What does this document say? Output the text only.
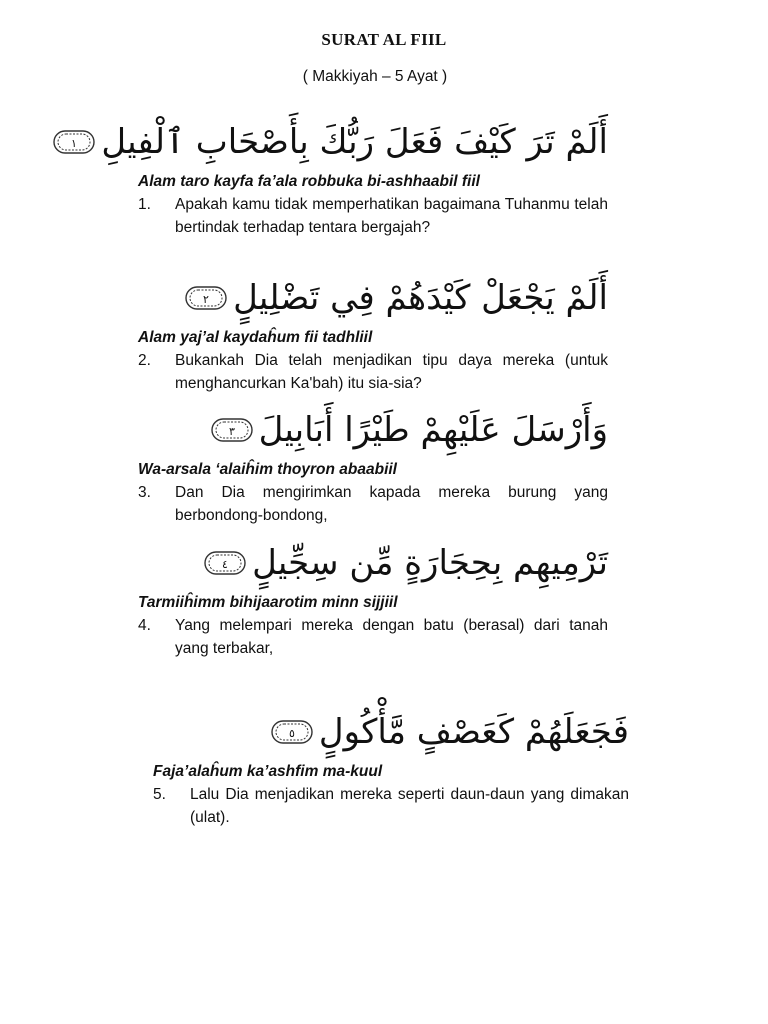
SURAT AL FIIL
( Makkiyah – 5 Ayat )
أَلَمْ تَرَ كَيْفَ فَعَلَ رَبُّكَ بِأَصْحَابِ ٱلْفِيلِ
١
Alam taro kayfa fa’ala robbuka bi-ashhaabil fiil
1.	Apakah kamu tidak memperhatikan bagaimana Tuhanmu telah bertindak terhadap tentara bergajah?
أَلَمْ يَجْعَلْ كَيْدَهُمْ فِي تَضْلِيلٍ
٢
Alam yaj’al kaydaĥum fii tadhliil
2.	Bukankah Dia telah menjadikan tipu daya mereka (untuk menghancurkan Ka'bah) itu sia-sia?
وَأَرْسَلَ عَلَيْهِمْ طَيْرًا أَبَابِيلَ
٣
Wa-arsala ‘alaiĥim thoyron abaabiil
3.	Dan Dia mengirimkan kapada mereka burung yang berbondong-bondong,
تَرْمِيهِم بِحِجَارَةٍ مِّن سِجِّيلٍ
٤
Tarmiiĥimm bihijaarotim minn sijjiil
4.	Yang melempari mereka dengan batu (berasal) dari tanah yang terbakar,
فَجَعَلَهُمْ كَعَصْفٍ مَّأْكُولٍ
٥
Faja’alaĥum ka’ashfim ma-kuul
5.	Lalu Dia menjadikan mereka seperti daun-daun yang dimakan (ulat).
